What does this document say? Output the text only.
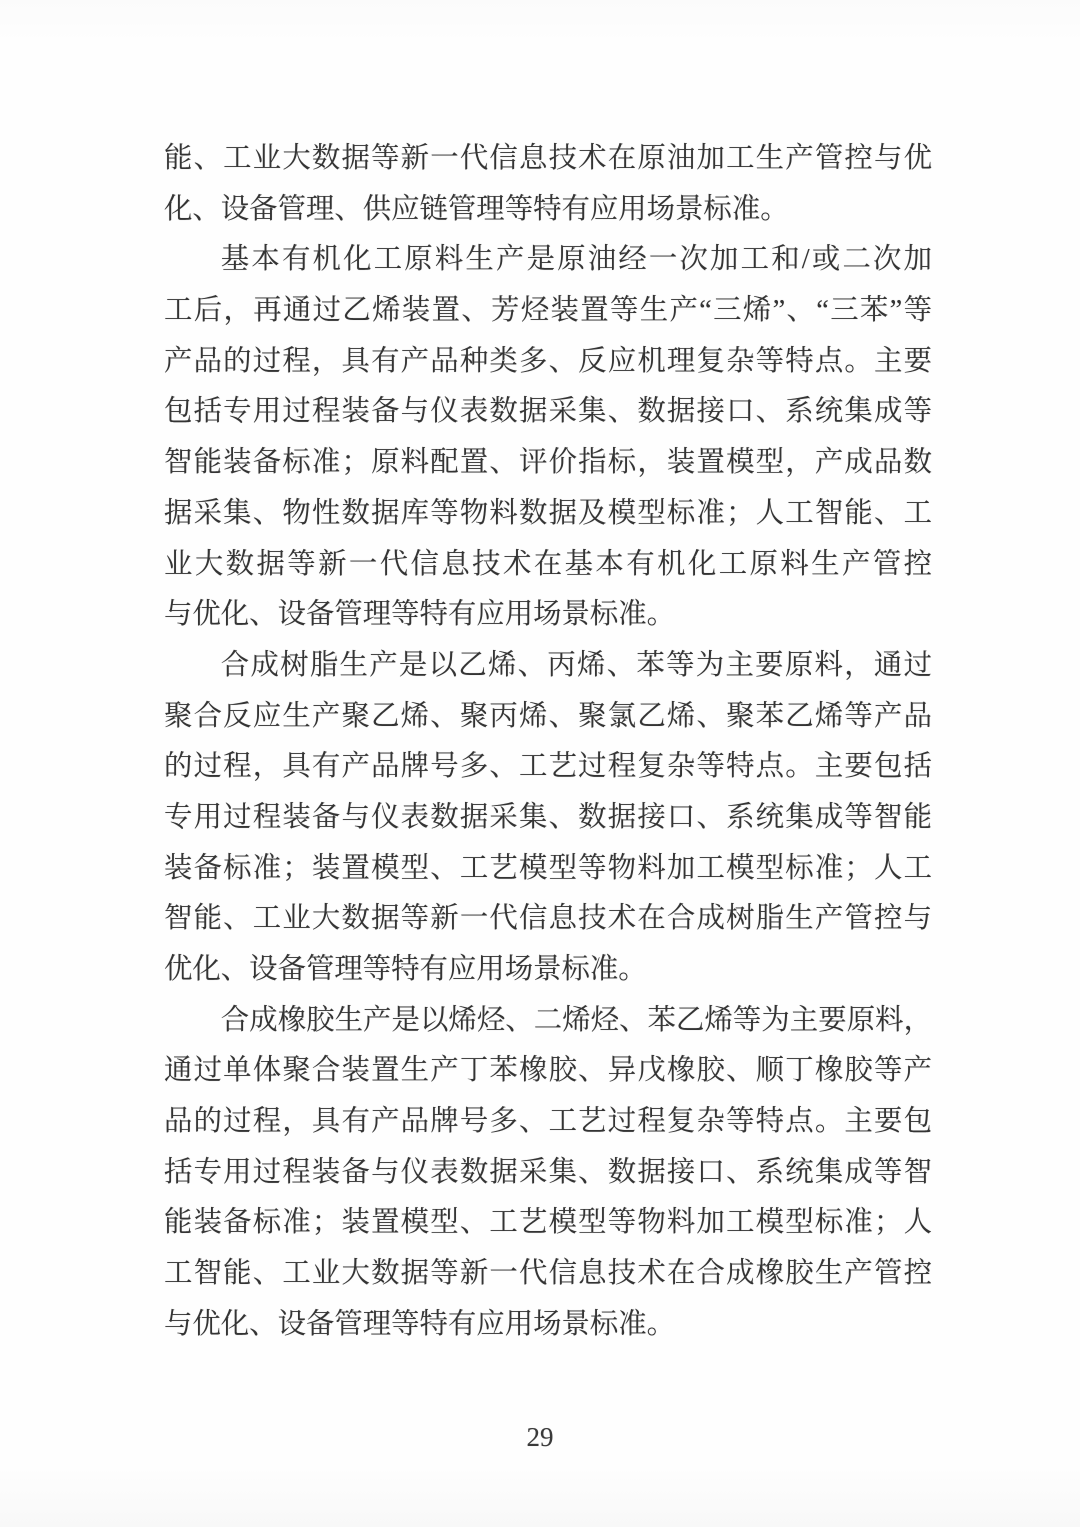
能、工业大数据等新一代信息技术在原油加工生产管控与优
化、设备管理、供应链管理等特有应用场景标准。
基本有机化工原料生产是原油经一次加工和/或二次加
工后，再通过乙烯装置、芳烃装置等生产“三烯”、“三苯”等
产品的过程，具有产品种类多、反应机理复杂等特点。主要
包括专用过程装备与仪表数据采集、数据接口、系统集成等
智能装备标准；原料配置、评价指标，装置模型，产成品数
据采集、物性数据库等物料数据及模型标准；人工智能、工
业大数据等新一代信息技术在基本有机化工原料生产管控
与优化、设备管理等特有应用场景标准。
合成树脂生产是以乙烯、丙烯、苯等为主要原料，通过
聚合反应生产聚乙烯、聚丙烯、聚氯乙烯、聚苯乙烯等产品
的过程，具有产品牌号多、工艺过程复杂等特点。主要包括
专用过程装备与仪表数据采集、数据接口、系统集成等智能
装备标准；装置模型、工艺模型等物料加工模型标准；人工
智能、工业大数据等新一代信息技术在合成树脂生产管控与
优化、设备管理等特有应用场景标准。
合成橡胶生产是以烯烃、二烯烃、苯乙烯等为主要原料，
通过单体聚合装置生产丁苯橡胶、异戊橡胶、顺丁橡胶等产
品的过程，具有产品牌号多、工艺过程复杂等特点。主要包
括专用过程装备与仪表数据采集、数据接口、系统集成等智
能装备标准；装置模型、工艺模型等物料加工模型标准；人
工智能、工业大数据等新一代信息技术在合成橡胶生产管控
与优化、设备管理等特有应用场景标准。
29
